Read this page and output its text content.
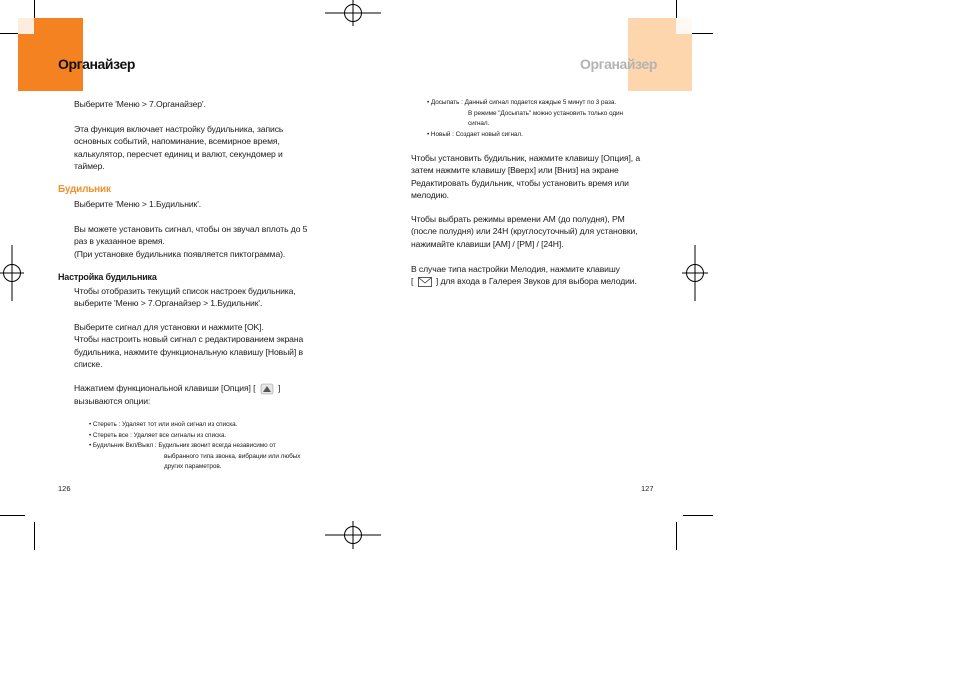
Органайзер
Выберите 'Меню > 7.Органайзер'.
Эта функция включает настройку будильника, запись
основных событий, напоминание, всемирное время,
калькулятор, пересчет единиц и валют, секундомер и
таймер.
Будильник
Выберите 'Меню > 1.Будильник'.
Вы можете установить сигнал, чтобы он звучал вплоть до 5
раз в указанное время.
(При установке будильника появляется пиктограмма).
Настройка будильника
Чтобы отобразить текущий список настроек будильника,
выберите 'Меню > 7.Органайзер > 1.Будильник'.
Выберите сигнал для установки и нажмите [OK].
Чтобы настроить новый сигнал с редактированием экрана
будильника, нажмите функциональную клавишу [Новый] в
списке.
Нажатием функциональной клавиши [Опция] [	]
вызываются опции:
• Стереть : Удаляет тот или иной сигнал из списка.
• Стереть все : Удаляет все сигналы из списка.
• Будильник Вкл/Выкл : Будильник звонит всегда независимо от
выбранного типа звонка, вибрации или любых
других параметров.
126
Органайзер
• Досыпать : Данный сигнал подается каждые 5 минут по 3 раза.
В режиме "Досыпать" можно установить только один
сигнал.
• Новый : Создает новый сигнал.
Чтобы установить будильник, нажмите клавишу [Опция], а
затем нажмите клавишу [Вверх] или [Вниз] на экране
Редактировать будильник, чтобы установить время или
мелодию.
Чтобы выбрать режимы времени AM (до полудня), PM
(после полудня) или 24H (круглосуточный) для установки,
нажимайте клавиши [AM] / [PM] / [24H].
В случае типа настройки Мелодия, нажмите клавишу
[	] для входа в Галерея Звуков для выбора мелодии.
127
